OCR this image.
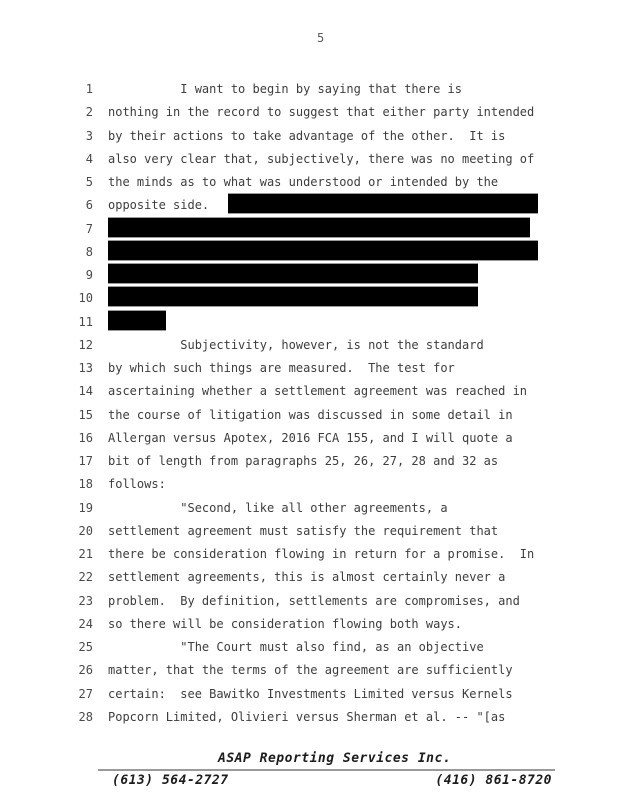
5
1 I want to begin by saying that there is
2 nothing in the record to suggest that either party intended
3 by their actions to take advantage of the other.  It is
4 also very clear that, subjectively, there was no meeting of
5 the minds as to what was understood or intended by the
6 opposite side.
7
8
9
10
11
12 Subjectivity, however, is not the standard
13 by which such things are measured.  The test for
14 ascertaining whether a settlement agreement was reached in
15 the course of litigation was discussed in some detail in
16 Allergan versus Apotex, 2016 FCA 155, and I will quote a
17 bit of length from paragraphs 25, 26, 27, 28 and 32 as
18 follows:
19 "Second, like all other agreements, a
20 settlement agreement must satisfy the requirement that
21 there be consideration flowing in return for a promise.  In
22 settlement agreements, this is almost certainly never a
23 problem.  By definition, settlements are compromises, and
24 so there will be consideration flowing both ways.
25 "The Court must also find, as an objective
26 matter, that the terms of the agreement are sufficiently
27 certain:  see Bawitko Investments Limited versus Kernels
28 Popcorn Limited, Olivieri versus Sherman et al. -- "[as
ASAP Reporting Services Inc.
(613) 564-2727	(416) 861-8720
